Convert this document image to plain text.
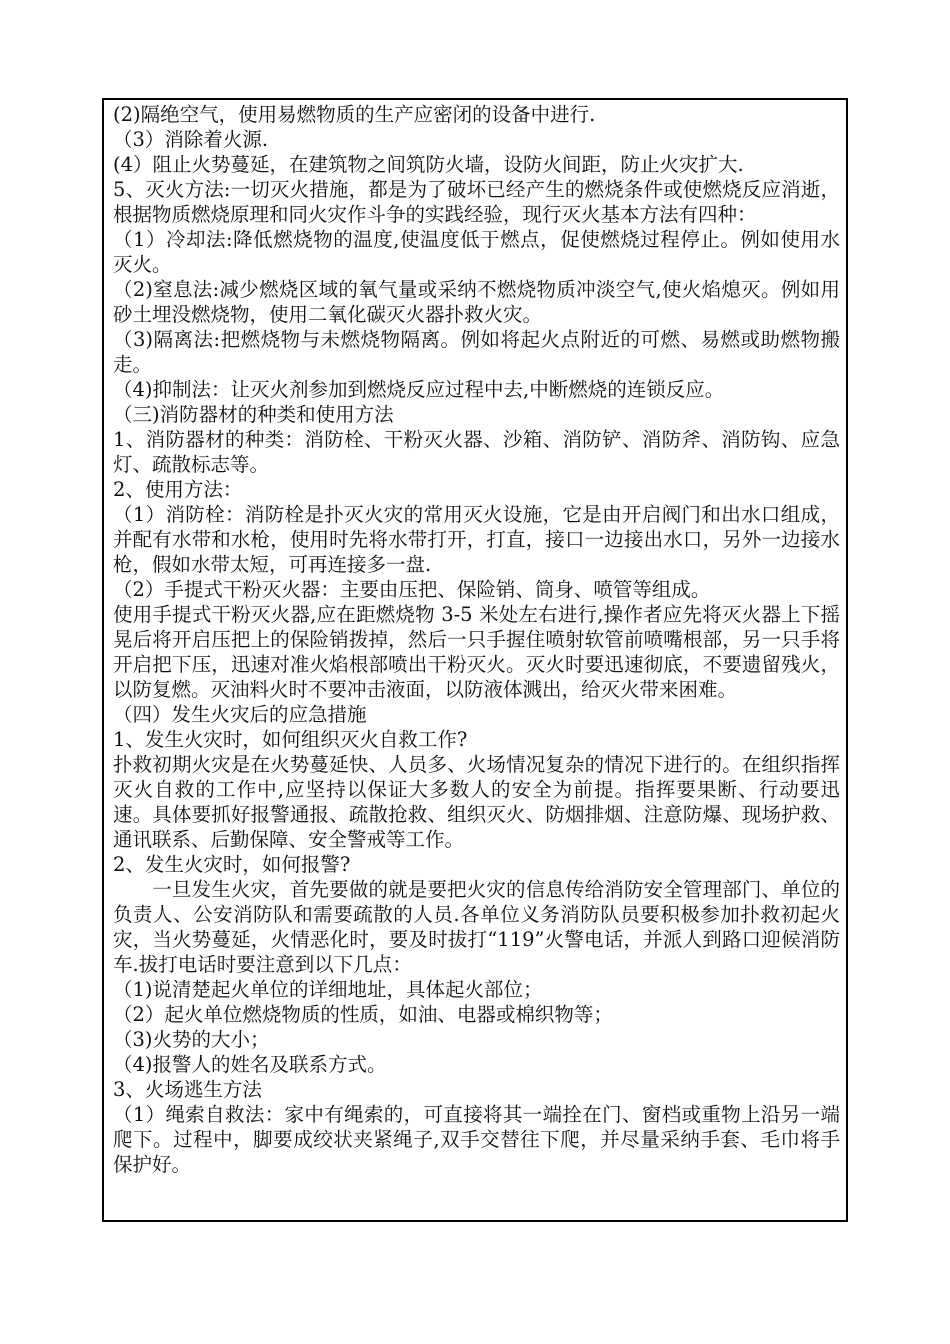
(2)隔绝空气，使用易燃物质的生产应密闭的设备中进行.

（3）消除着火源.

(4）阻止火势蔓延，在建筑物之间筑防火墙，设防火间距，防止火灾扩大.

5、灭火方法:一切灭火措施，都是为了破坏已经产生的燃烧条件或使燃烧反应消逝，根据物质燃烧原理和同火灾作斗争的实践经验，现行灭火基本方法有四种：

（1）冷却法:降低燃烧物的温度,使温度低于燃点，促使燃烧过程停止。例如使用水灭火。

（2)窒息法:减少燃烧区域的氧气量或采纳不燃烧物质冲淡空气,使火焰熄灭。例如用砂土埋没燃烧物，使用二氧化碳灭火器扑救火灾。

（3)隔离法:把燃烧物与未燃烧物隔离。例如将起火点附近的可燃、易燃或助燃物搬走。

（4)抑制法：让灭火剂参加到燃烧反应过程中去,中断燃烧的连锁反应。

（三)消防器材的种类和使用方法

1、消防器材的种类：消防栓、干粉灭火器、沙箱、消防铲、消防斧、消防钩、应急灯、疏散标志等。

2、使用方法：

（1）消防栓：消防栓是扑灭火灾的常用灭火设施，它是由开启阀门和出水口组成，并配有水带和水枪，使用时先将水带打开，打直，接口一边接出水口，另外一边接水枪，假如水带太短，可再连接多一盘.

（2）手提式干粉灭火器：主要由压把、保险销、筒身、喷管等组成。

使用手提式干粉灭火器,应在距燃烧物 3-5 米处左右进行,操作者应先将灭火器上下摇晃后将开启压把上的保险销拨掉，然后一只手握住喷射软管前喷嘴根部，另一只手将开启把下压，迅速对准火焰根部喷出干粉灭火。灭火时要迅速彻底，不要遗留残火，以防复燃。灭油料火时不要冲击液面，以防液体溅出，给灭火带来困难。

（四）发生火灾后的应急措施

1、发生火灾时，如何组织灭火自救工作?

扑救初期火灾是在火势蔓延快、人员多、火场情况复杂的情况下进行的。在组织指挥灭火自救的工作中,应坚持以保证大多数人的安全为前提。指挥要果断、行动要迅速。具体要抓好报警通报、疏散抢救、组织灭火、防烟排烟、注意防爆、现场护救、通讯联系、后勤保障、安全警戒等工作。

2、发生火灾时，如何报警?

　　一旦发生火灾，首先要做的就是要把火灾的信息传给消防安全管理部门、单位的负责人、公安消防队和需要疏散的人员.各单位义务消防队员要积极参加扑救初起火灾，当火势蔓延，火情恶化时，要及时拔打“119”火警电话，并派人到路口迎候消防车.拔打电话时要注意到以下几点：

（1)说清楚起火单位的详细地址，具体起火部位；

（2）起火单位燃烧物质的性质，如油、电器或棉织物等；

（3)火势的大小；

（4)报警人的姓名及联系方式。

3、火场逃生方法

（1）绳索自救法：家中有绳索的，可直接将其一端拴在门、窗档或重物上沿另一端爬下。过程中，脚要成绞状夹紧绳子,双手交替往下爬，并尽量采纳手套、毛巾将手保护好。
